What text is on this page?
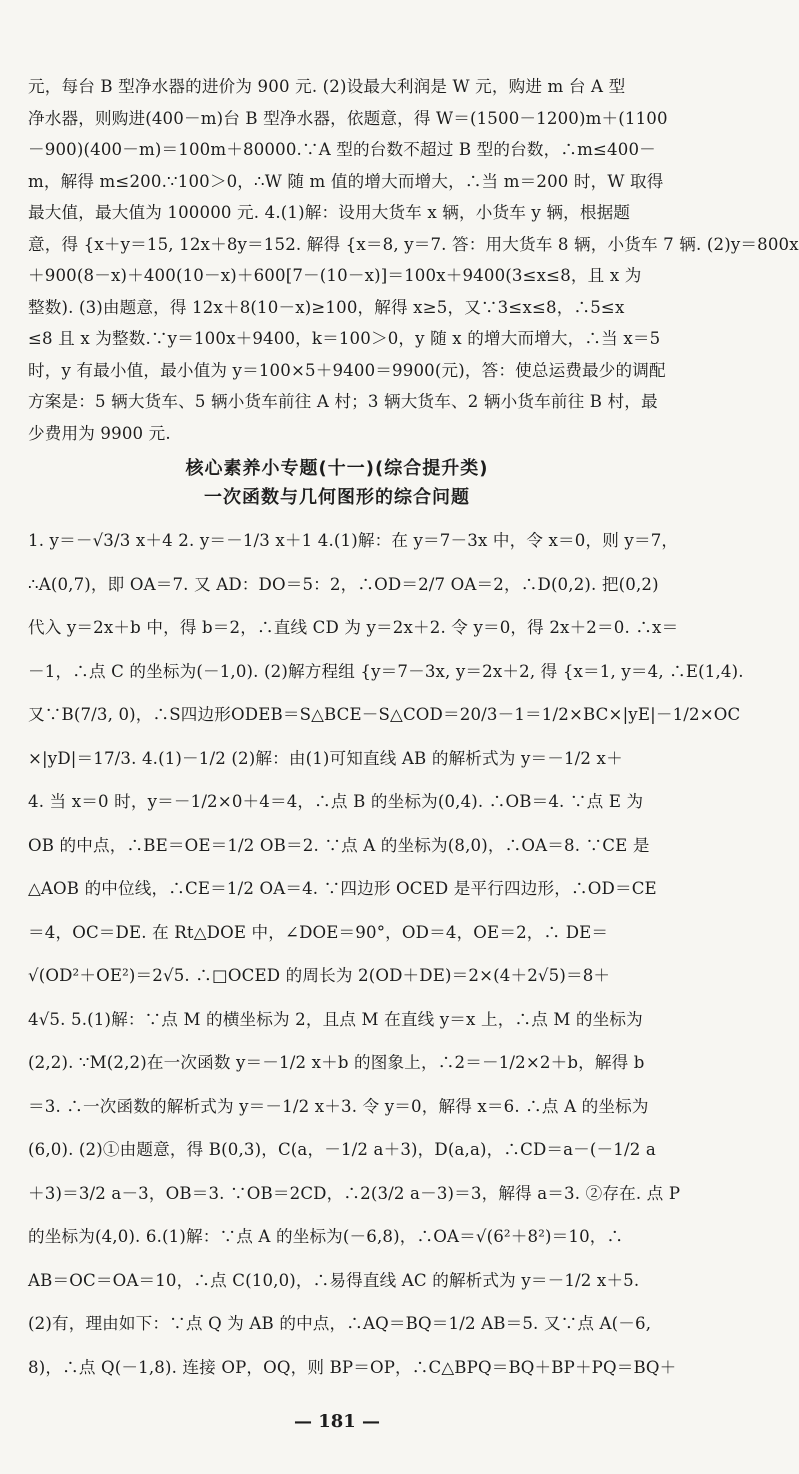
元，每台 B 型净水器的进价为 900 元. (2)设最大利润是 W 元，购进 m 台 A 型
净水器，则购进(400－m)台 B 型净水器，依题意，得 W＝(1500－1200)m＋(1100
－900)(400－m)＝100m＋80000.∵A 型的台数不超过 B 型的台数，∴m≤400－
m，解得 m≤200.∵100＞0，∴W 随 m 值的增大而增大，∴当 m＝200 时，W 取得
最大值，最大值为 100000 元. 4.(1)解：设用大货车 x 辆，小货车 y 辆，根据题
意，得 {x＋y＝15, 12x＋8y＝152. 解得 {x＝8, y＝7. 答：用大货车 8 辆，小货车 7 辆. (2)y＝800x
＋900(8－x)＋400(10－x)＋600[7－(10－x)]＝100x＋9400(3≤x≤8，且 x 为
整数). (3)由题意，得 12x＋8(10－x)≥100，解得 x≥5，又∵3≤x≤8，∴5≤x
≤8 且 x 为整数.∵y＝100x＋9400，k＝100＞0，y 随 x 的增大而增大，∴当 x＝5
时，y 有最小值，最小值为 y＝100×5＋9400＝9900(元)，答：使总运费最少的调配
方案是：5 辆大货车、5 辆小货车前往 A 村；3 辆大货车、2 辆小货车前往 B 村，最
少费用为 9900 元.
核心素养小专题(十一)(综合提升类)
一次函数与几何图形的综合问题
1. y＝－√3/3 x＋4 2. y＝－1/3 x＋1 4.(1)解：在 y＝7－3x 中，令 x＝0，则 y＝7，
∴A(0,7)，即 OA＝7. 又 AD：DO＝5：2，∴OD＝2/7 OA＝2，∴D(0,2). 把(0,2)
代入 y＝2x＋b 中，得 b＝2，∴直线 CD 为 y＝2x＋2. 令 y＝0，得 2x＋2＝0. ∴x＝
－1，∴点 C 的坐标为(－1,0). (2)解方程组 {y＝7－3x, y＝2x＋2, 得 {x＝1, y＝4, ∴E(1,4).
又∵B(7/3, 0)，∴S四边形ODEB＝S△BCE－S△COD＝20/3－1＝1/2×BC×|yE|－1/2×OC
×|yD|＝17/3. 4.(1)－1/2 (2)解：由(1)可知直线 AB 的解析式为 y＝－1/2 x＋
4. 当 x＝0 时，y＝－1/2×0＋4＝4，∴点 B 的坐标为(0,4). ∴OB＝4. ∵点 E 为
OB 的中点，∴BE＝OE＝1/2 OB＝2. ∵点 A 的坐标为(8,0)，∴OA＝8. ∵CE 是
△AOB 的中位线，∴CE＝1/2 OA＝4. ∵四边形 OCED 是平行四边形，∴OD＝CE
＝4，OC＝DE. 在 Rt△DOE 中，∠DOE＝90°，OD＝4，OE＝2，∴ DE＝
√(OD²＋OE²)＝2√5. ∴□OCED 的周长为 2(OD＋DE)＝2×(4＋2√5)＝8＋
4√5. 5.(1)解：∵点 M 的横坐标为 2，且点 M 在直线 y＝x 上，∴点 M 的坐标为
(2,2). ∵M(2,2)在一次函数 y＝－1/2 x＋b 的图象上，∴2＝－1/2×2＋b，解得 b
＝3. ∴一次函数的解析式为 y＝－1/2 x＋3. 令 y＝0，解得 x＝6. ∴点 A 的坐标为
(6,0). (2)①由题意，得 B(0,3)，C(a，－1/2 a＋3)，D(a,a)，∴CD＝a－(－1/2 a
＋3)＝3/2 a－3，OB＝3. ∵OB＝2CD，∴2(3/2 a－3)＝3，解得 a＝3. ②存在. 点 P
的坐标为(4,0). 6.(1)解：∵点 A 的坐标为(－6,8)，∴OA＝√(6²＋8²)＝10，∴
AB＝OC＝OA＝10，∴点 C(10,0)，∴易得直线 AC 的解析式为 y＝－1/2 x＋5.
(2)有，理由如下：∵点 Q 为 AB 的中点，∴AQ＝BQ＝1/2 AB＝5. 又∵点 A(－6,
8)，∴点 Q(－1,8). 连接 OP，OQ，则 BP＝OP，∴C△BPQ＝BQ＋BP＋PQ＝BQ＋
— 181 —
